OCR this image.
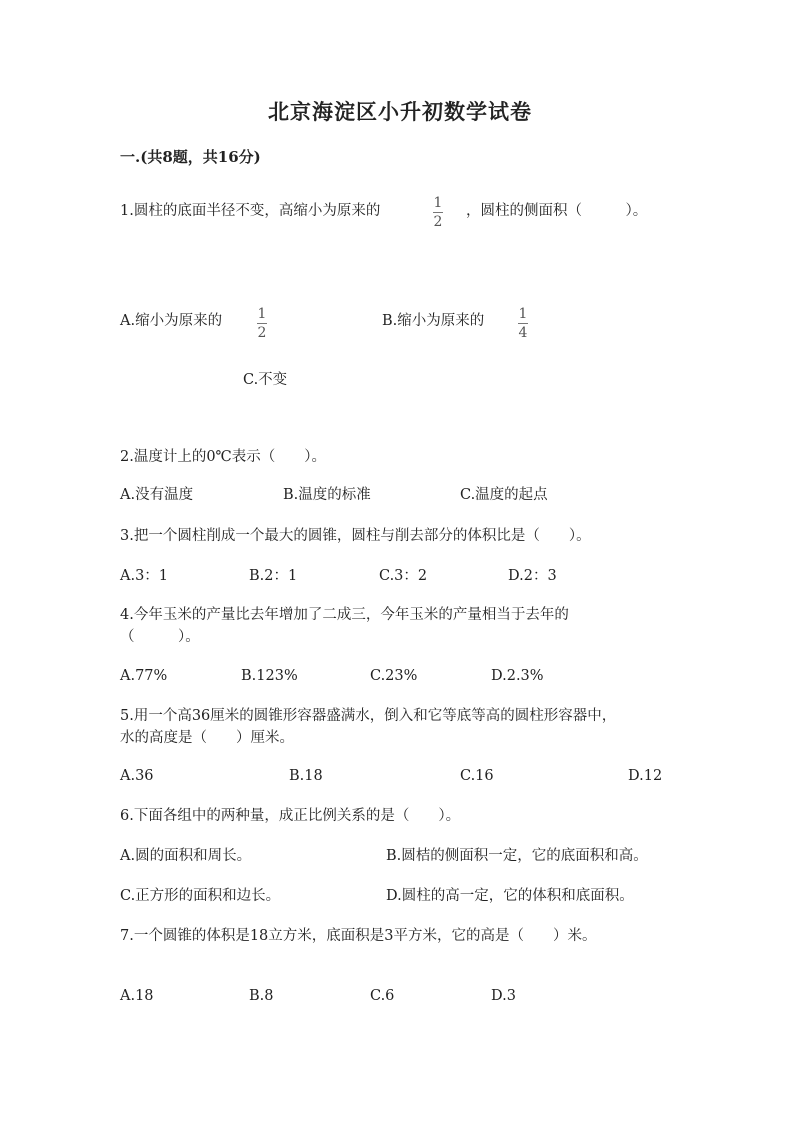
北京海淀区小升初数学试卷
一.(共8题，共16分)
1.圆柱的底面半径不变，高缩小为原来的	1
2
，圆柱的侧面积（　　　）。
A.缩小为原来的	1
2
B.缩小为原来的 1
4
C.不变
2.温度计上的0℃表示（　　）。
A.没有温度	B.温度的标准	C.温度的起点
3.把一个圆柱削成一个最大的圆锥，圆柱与削去部分的体积比是（　　）。
A.3：1	B.2：1	C.3：2	D.2：3
4.今年玉米的产量比去年增加了二成三，今年玉米的产量相当于去年的
（　　　）。
A.77%	B.123%	C.23%	D.2.3%
5.用一个高36厘米的圆锥形容器盛满水，倒入和它等底等高的圆柱形容器中，
水的高度是（　　）厘米。
A.36	B.18	C.16	D.12
6.下面各组中的两种量，成正比例关系的是（　　）。
A.圆的面积和周长。	B.圆桔的侧面积一定，它的底面积和高。
C.正方形的面积和边长。	D.圆柱的高一定，它的体积和底面积。
7.一个圆锥的体积是18立方米，底面积是3平方米，它的高是（　　）米。
A.18	B.8	C.6	D.3
